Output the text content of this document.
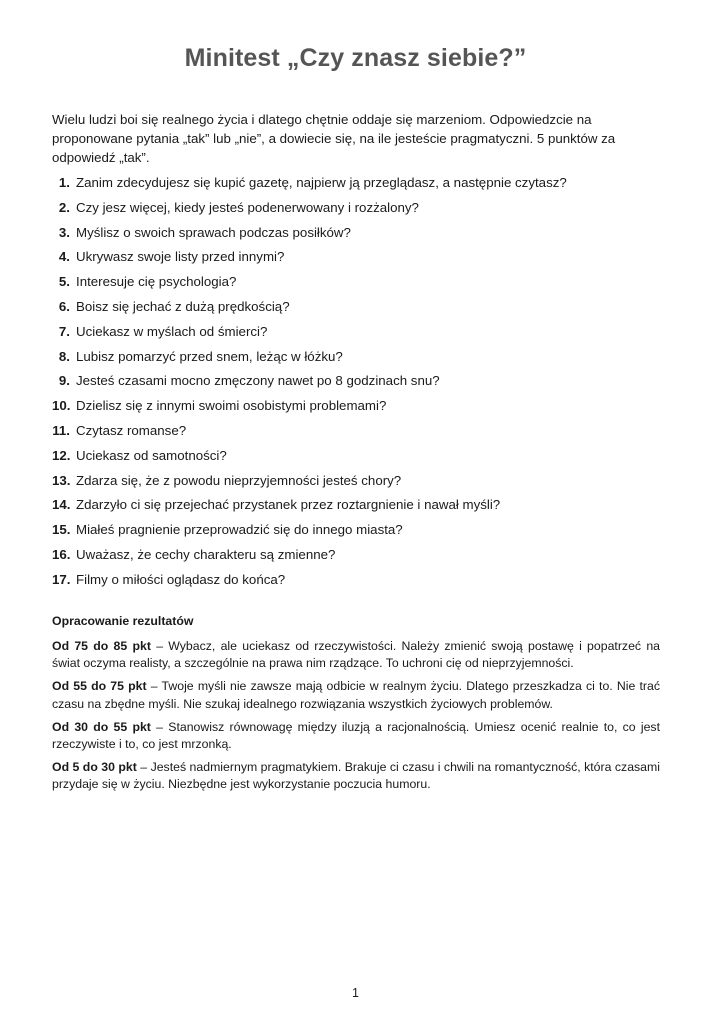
Minitest „Czy znasz siebie?”
Wielu ludzi boi się realnego życia i dlatego chętnie oddaje się marzeniom. Odpowiedzcie na proponowane pytania „tak” lub „nie”, a dowiecie się, na ile jesteście pragmatyczni. 5 punktów za odpowiedź „tak”.
1. Zanim zdecydujesz się kupić gazetę, najpierw ją przeglądasz, a następnie czytasz?
2. Czy jesz więcej, kiedy jesteś podenerwowany i rozżalony?
3. Myślisz o swoich sprawach podczas posiłków?
4. Ukrywasz swoje listy przed innymi?
5. Interesuje cię psychologia?
6. Boisz się jechać z dużą prędkością?
7. Uciekasz w myślach od śmierci?
8. Lubisz pomarzyć przed snem, leżąc w łóżku?
9. Jesteś czasami mocno zmęczony nawet po 8 godzinach snu?
10. Dzielisz się z innymi swoimi osobistymi problemami?
11. Czytasz romanse?
12. Uciekasz od samotności?
13. Zdarza się, że z powodu nieprzyjemności jesteś chory?
14. Zdarzyło ci się przejechać przystanek przez roztargnienie i nawał myśli?
15. Miałeś pragnienie przeprowadzić się do innego miasta?
16. Uważasz, że cechy charakteru są zmienne?
17. Filmy o miłości oglądasz do końca?
Opracowanie rezultatów
Od 75 do 85 pkt – Wybacz, ale uciekasz od rzeczywistości. Należy zmienić swoją postawę i popatrzeć na świat oczyma realisty, a szczególnie na prawa nim rządzące. To uchroni cię od nieprzyjemności.
Od 55 do 75 pkt – Twoje myśli nie zawsze mają odbicie w realnym życiu. Dlatego przeszkadza ci to. Nie trać czasu na zbędne myśli. Nie szukaj idealnego rozwiązania wszystkich życiowych problemów.
Od 30 do 55 pkt – Stanowisz równowagę między iluzją a racjonalnością. Umiesz ocenić realnie to, co jest rzeczywiste i to, co jest mrzonką.
Od 5 do 30 pkt – Jesteś nadmiernym pragmatykiem. Brakuje ci czasu i chwili na romantyczność, która czasami przydaje się w życiu. Niezbędne jest wykorzystanie poczucia humoru.
1
